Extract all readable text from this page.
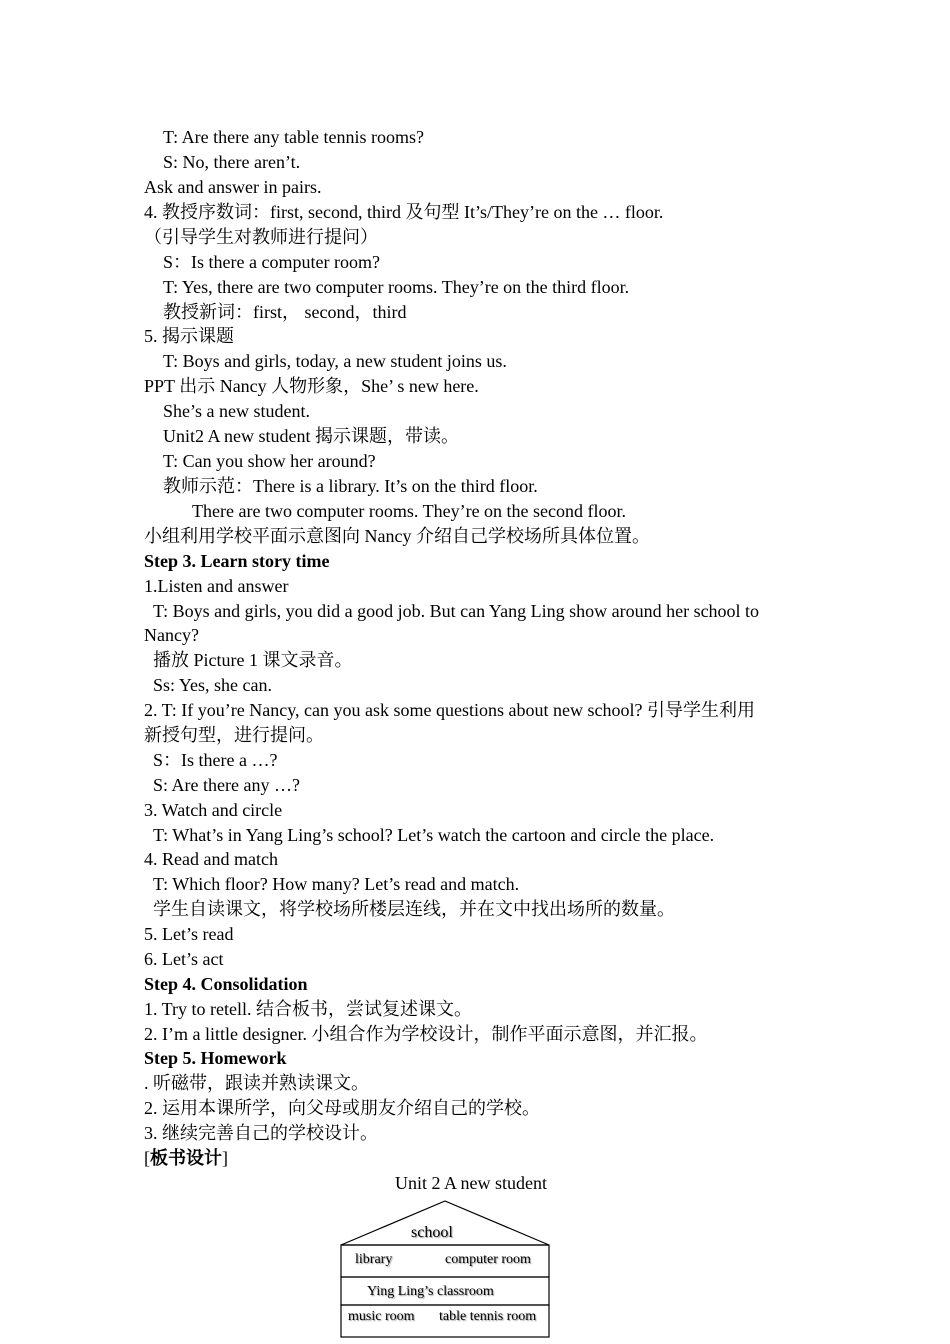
T: Are there any table tennis rooms?
S: No, there aren’t.
Ask and answer in pairs.
4. 教授序数词：first, second, third 及句型 It’s/They’re on the … floor.
（引导学生对教师进行提问）
S：Is there a computer room?
T: Yes, there are two computer rooms. They’re on the third floor.
教授新词：first， second，third
5. 揭示课题
T: Boys and girls, today, a new student joins us.
PPT 出示 Nancy 人物形象，She’ s new here.
She’s a new student.
Unit2 A new student 揭示课题，带读。
T: Can you show her around?
教师示范：There is a library. It’s on the third floor.
There are two computer rooms. They’re on the second floor.
小组利用学校平面示意图向 Nancy 介绍自己学校场所具体位置。
Step 3. Learn story time
1.Listen and answer
T: Boys and girls, you did a good job. But can Yang Ling show around her school to
Nancy?
播放 Picture 1 课文录音。
Ss: Yes, she can.
2. T: If you’re Nancy, can you ask some questions about new school? 引导学生利用
新授句型，进行提问。
S：Is there a …?
S: Are there any …?
3. Watch and circle
T: What’s in Yang Ling’s school? Let’s watch the cartoon and circle the place.
4. Read and match
T: Which floor? How many? Let’s read and match.
学生自读课文，将学校场所楼层连线，并在文中找出场所的数量。
5. Let’s read
6. Let’s act
Step 4. Consolidation
1. Try to retell. 结合板书，尝试复述课文。
2. I’m a little designer. 小组合作为学校设计，制作平面示意图，并汇报。
Step 5. Homework
. 听磁带，跟读并熟读课文。
2. 运用本课所学，向父母或朋友介绍自己的学校。
3. 继续完善自己的学校设计。
[板书设计]
Unit 2 A new student
school
library	computer room
Ying Ling’s classroom
music room table tennis room
